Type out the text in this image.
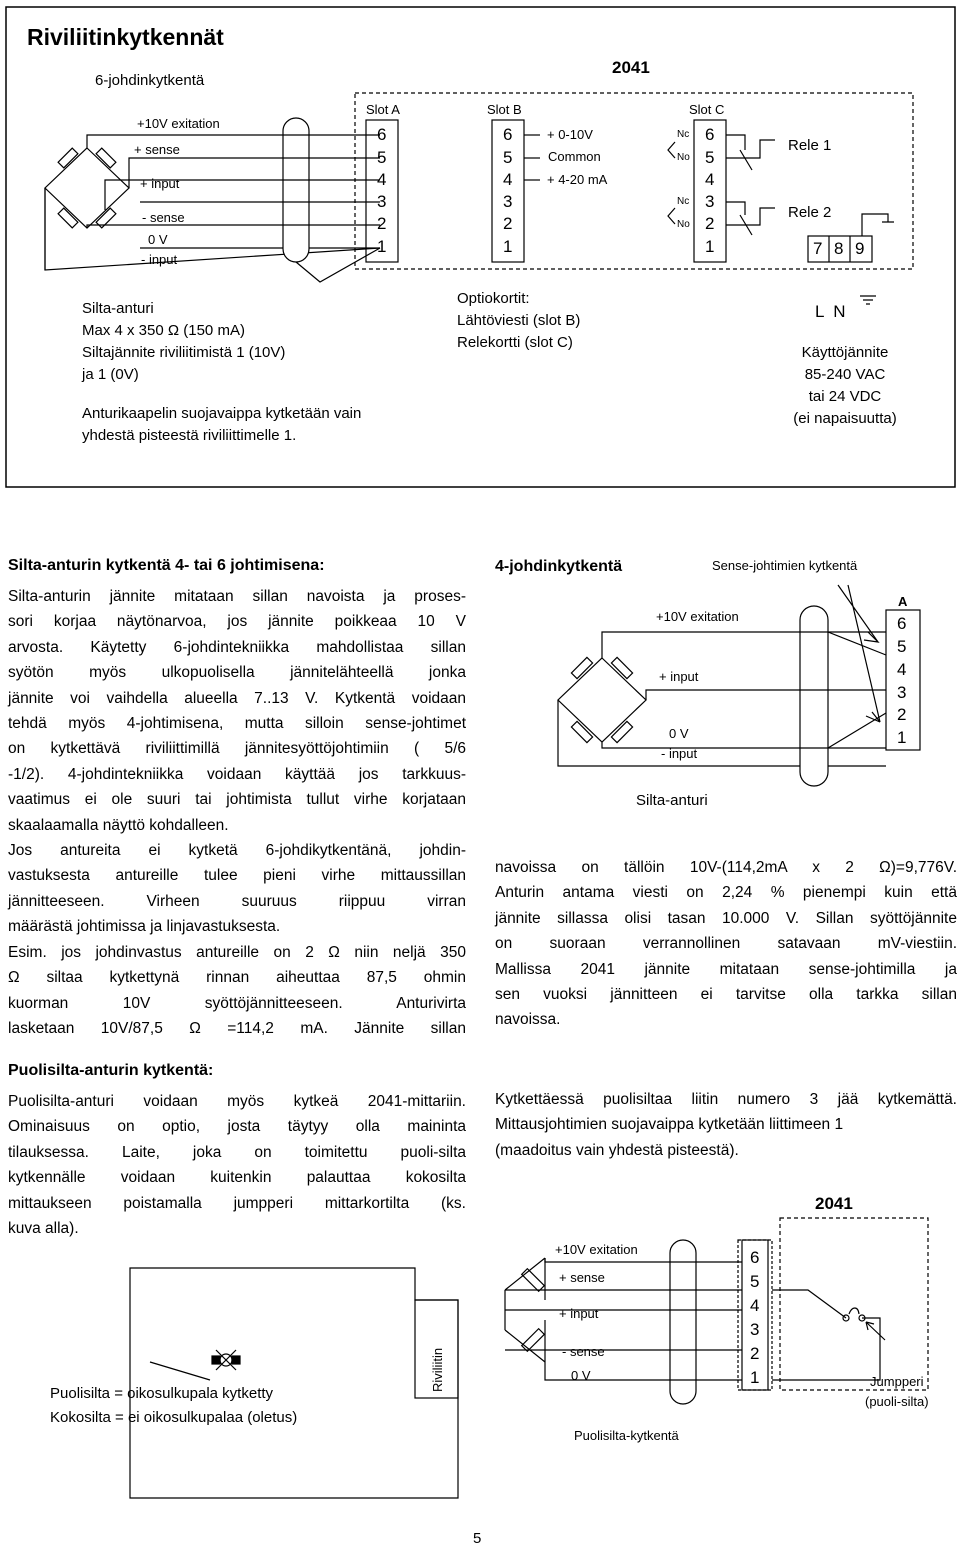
Riviliitinkytkennät
6-johdinkytkentä
2041
Slot A	Slot B	Slot C
+10V exitation
+ sense
+ input
- sense
0 V
- input
6
5
4
3
2
1
6
5
4
3
2
1
+ 0-10V
Common
+ 4-20 mA
6
5
4
3
2
1
Nc
No
Nc
No
Rele 1
Rele 2
7 8 9
L  N
Silta-anturi
Max 4 x 350 Ω (150 mA)
Siltajännite riviliitimistä 1 (10V)
ja 1 (0V)
Anturikaapelin suojavaippa kytketään vain
yhdestä pisteestä riviliittimelle 1.
Optiokortit:
Lähtöviesti (slot B)
Relekortti (slot C)
Käyttöjännite
85-240 VAC
tai 24 VDC
(ei napaisuutta)
Silta-anturin kytkentä 4- tai 6 johtimisena:
Silta-anturin jännite mitataan sillan navoista ja proses-
sori korjaa näytönarvoa, jos jännite poikkeaa 10 V
arvosta. Käytetty 6-johdintekniikka mahdollistaa sillan
syötön myös ulkopuolisella jännitelähteellä jonka
jännite voi vaihdella alueella 7..13 V. Kytkentä voidaan
tehdä myös 4-johtimisena, mutta silloin sense-johtimet
on kytkettävä riviliittimillä jännitesyöttöjohtimiin ( 5/6
-1/2). 4-johdintekniikka voidaan käyttää jos tarkkuus-
vaatimus ei ole suuri tai johtimista tullut virhe korjataan
skaalaamalla näyttö kohdalleen.
Jos antureita ei kytketä 6-johdikytkentänä, johdin-
vastuksesta antureille tulee pieni virhe mittaussillan
jännitteeseen. Virheen suuruus riippuu virran
määrästä johtimissa ja linjavastuksesta.
Esim. jos johdinvastus antureille on 2 Ω niin neljä 350
Ω siltaa kytkettynä rinnan aiheuttaa 87,5 ohmin
kuorman 10V syöttöjännitteeseen. Anturivirta
lasketaan 10V/87,5 Ω =114,2 mA. Jännite sillan
navoissa on tällöin 10V-(114,2mA x 2 Ω)=9,776V.
Anturin antama viesti on 2,24 % pienempi kuin että
jännite sillassa olisi tasan 10.000 V. Sillan syöttöjännite
on suoraan verrannollinen satavaan mV-viestiin.
Mallissa 2041 jännite mitataan sense-johtimilla ja
sen vuoksi jännitteen ei tarvitse olla tarkka sillan
navoissa.
4-johdinkytkentä	Sense-johtimien kytkentä
A
6
5
4
3
2
1
+10V exitation
+ input
0 V
- input
Silta-anturi
Puolisilta-anturin kytkentä:
Puolisilta-anturi voidaan myös kytkeä 2041-mittariin.
Ominaisuus on optio, josta täytyy olla maininta
tilauksessa. Laite, joka on toimitettu puoli-silta
kytkennälle voidaan kuitenkin palauttaa kokosilta
mittaukseen poistamalla jumpperi mittarkortilta (ks.
kuva alla).
Kytkettäessä puolisiltaa liitin numero 3 jää kytkemättä.
Mittausjohtimien suojavaippa kytketään liittimeen 1
(maadoitus vain yhdestä pisteestä).
Riviliitin
Puolisilta = oikosulkupala kytketty
Kokosilta = ei oikosulkupalaa (oletus)
2041
+10V exitation
+ sense
+ input
- sense
0 V
6
5
4
3
2
1
Puolisilta-kytkentä
Jumpperi
(puoli-silta)
5
